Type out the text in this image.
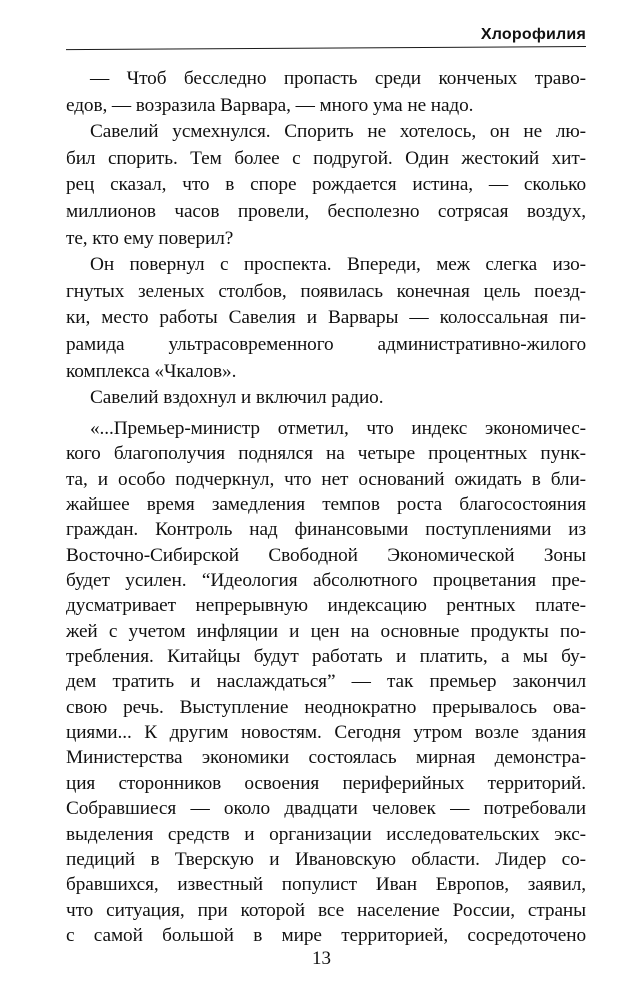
Хлорофилия
— Чтоб бесследно пропасть среди конченых траво-
едов, — возразила Варвара, — много ума не надо.
Савелий усмехнулся. Спорить не хотелось, он не лю-
бил спорить. Тем более с подругой. Один жестокий хит-
рец сказал, что в споре рождается истина, — сколько
миллионов часов провели, бесполезно сотрясая воздух,
те, кто ему поверил?
Он повернул с проспекта. Впереди, меж слегка изо-
гнутых зеленых столбов, появилась конечная цель поезд-
ки, место работы Савелия и Варвары — колоссальная пи-
рамида ультрасовременного административно-жилого
комплекса «Чкалов».
Савелий вздохнул и включил радио.
«...Премьер-министр отметил, что индекс экономичес-
кого благополучия поднялся на четыре процентных пунк-
та, и особо подчеркнул, что нет оснований ожидать в бли-
жайшее время замедления темпов роста благосостояния
граждан. Контроль над финансовыми поступлениями из
Восточно-Сибирской Свободной Экономической Зоны
будет усилен. “Идеология абсолютного процветания пре-
дусматривает непрерывную индексацию рентных плате-
жей с учетом инфляции и цен на основные продукты по-
требления. Китайцы будут работать и платить, а мы бу-
дем тратить и наслаждаться” — так премьер закончил
свою речь. Выступление неоднократно прерывалось ова-
циями... К другим новостям. Сегодня утром возле здания
Министерства экономики состоялась мирная демонстра-
ция сторонников освоения периферийных территорий.
Собравшиеся — около двадцати человек — потребовали
выделения средств и организации исследовательских экс-
педиций в Тверскую и Ивановскую области. Лидер со-
бравшихся, известный популист Иван Европов, заявил,
что ситуация, при которой все население России, страны
с самой большой в мире территорией, сосредоточено
13
